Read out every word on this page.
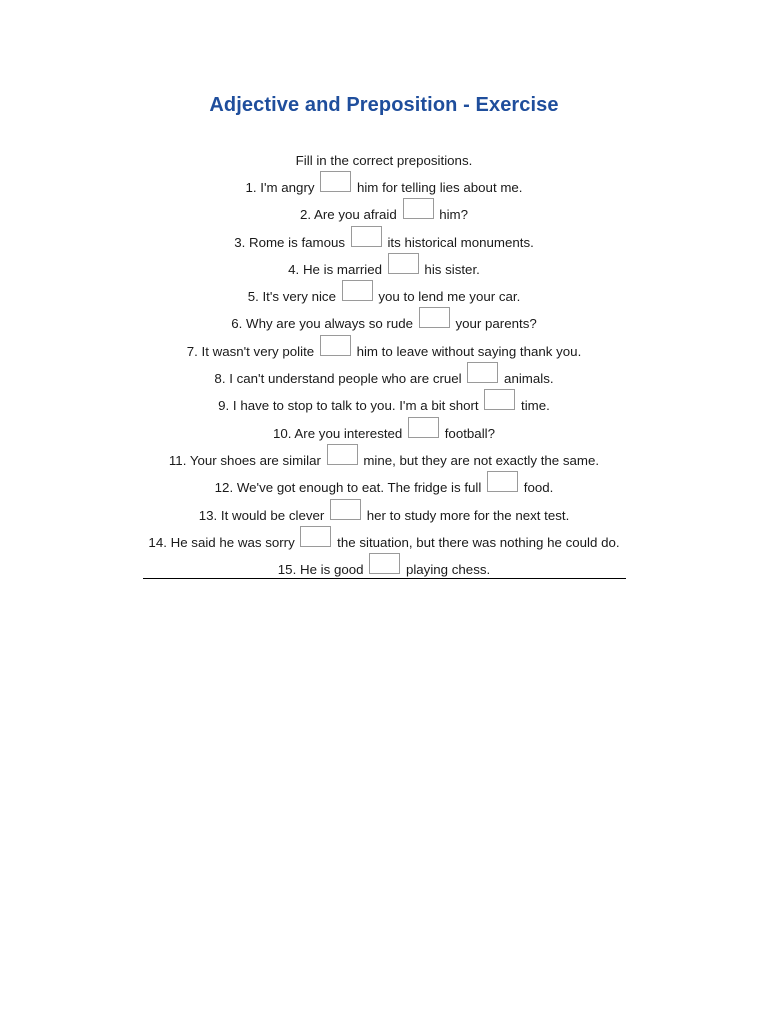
Adjective and Preposition - Exercise
Fill in the correct prepositions.
1. I'm angry	him for telling lies about me.
2. Are you afraid	him?
3. Rome is famous	its historical monuments.
4. He is married	his sister.
5. It's very nice	you to lend me your car.
6. Why are you always so rude	your parents?
7. It wasn't very polite	him to leave without saying thank you.
8. I can't understand people who are cruel	animals.
9. I have to stop to talk to you. I'm a bit short	time.
10. Are you interested	football?
11. Your shoes are similar	mine, but they are not exactly the same.
12. We've got enough to eat. The fridge is full	food.
13. It would be clever	her to study more for the next test.
14. He said he was sorry	the situation, but there was nothing he could do.
15. He is good	playing chess.
